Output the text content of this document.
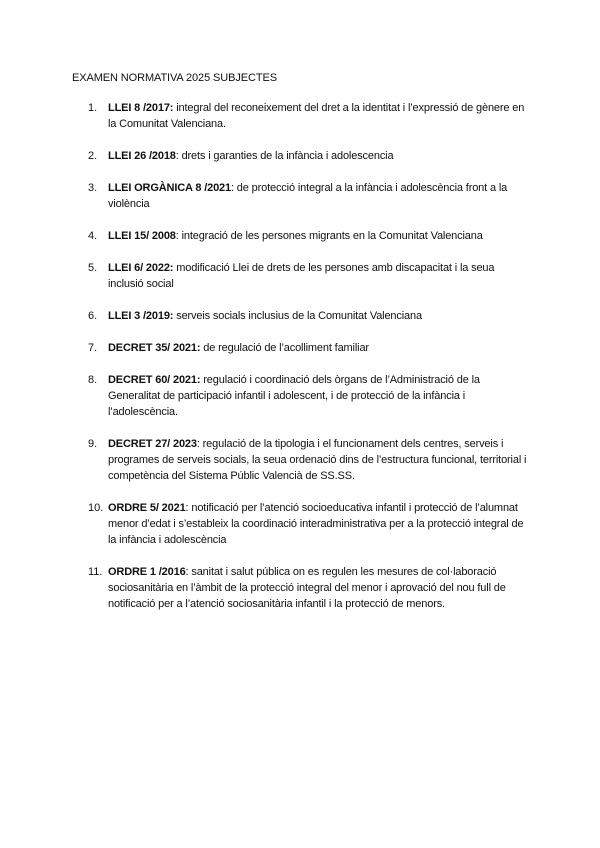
EXAMEN NORMATIVA 2025 SUBJECTES
1. LLEI 8 /2017: integral del reconeixement del dret a la identitat i l’expressió de gènere en la Comunitat Valenciana.
2. LLEI 26 /2018: drets i garanties de la infància i adolescencia
3. LLEI ORGÀNICA 8 /2021: de protecció integral a la infància i adolescència front a la violència
4. LLEI 15/ 2008: integració de les persones migrants en la Comunitat Valenciana
5. LLEI 6/ 2022: modificació Llei de drets de les persones amb discapacitat i la seua inclusió social
6. LLEI 3 /2019: serveis socials inclusius de la Comunitat Valenciana
7. DECRET 35/ 2021: de regulació de l’acolliment familiar
8. DECRET 60/ 2021: regulació i coordinació dels òrgans de l’Administració de la Generalitat de participació infantil i adolescent, i de protecció de la infància i l’adolescència.
9. DECRET 27/ 2023: regulació de la tipologia i el funcionament dels centres, serveis i programes de serveis socials, la seua ordenació dins de l’estructura funcional, territorial i competència del Sistema Públic Valencià de SS.SS.
10. ORDRE 5/ 2021: notificació per l’atenció socioeducativa infantil i protecció de l’alumnat menor d’edat i s’estableix la coordinació interadministrativa per a la protecció integral de la infància i adolescència
11. ORDRE 1 /2016: sanitat i salut pública on es regulen les mesures de col·laboració sociosanitària en l’àmbit de la protecció integral del menor i aprovació del nou full de notificació per a l’atenció sociosanitària infantil i la protecció de menors.
